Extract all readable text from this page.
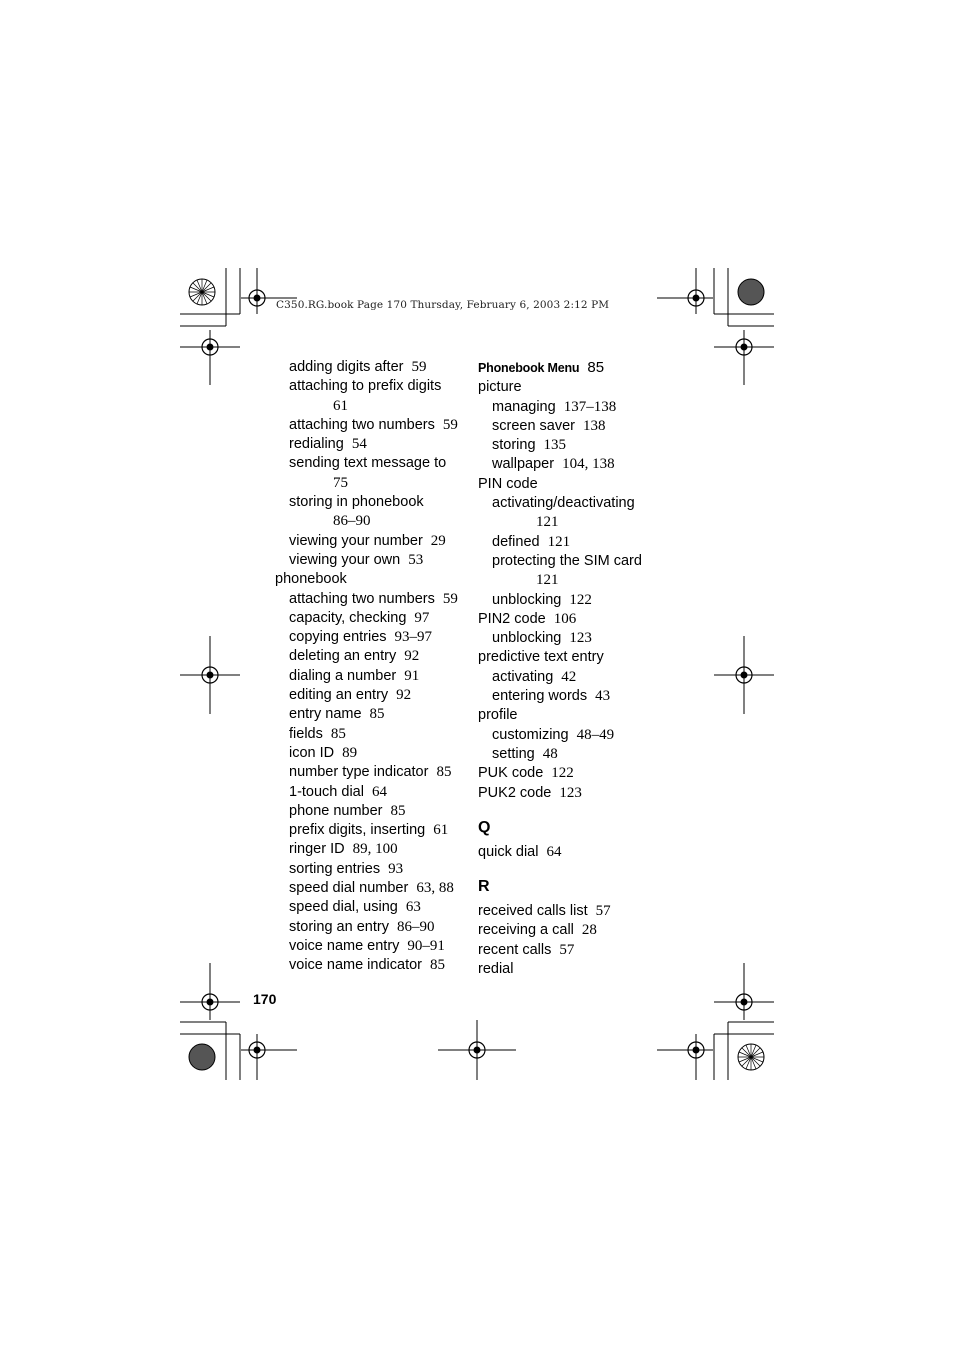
C350.RG.book Page 170 Thursday, February 6, 2003 2:12 PM
adding digits after 59
attaching to prefix digits
61
attaching two numbers 59
redialing 54
sending text message to
75
storing in phonebook
86–90
viewing your number 29
viewing your own 53
phonebook
attaching two numbers 59
capacity, checking 97
copying entries 93–97
deleting an entry 92
dialing a number 91
editing an entry 92
entry name 85
fields 85
icon ID 89
number type indicator 85
1-touch dial 64
phone number 85
prefix digits, inserting 61
ringer ID 89, 100
sorting entries 93
speed dial number 63, 88
speed dial, using 63
storing an entry 86–90
voice name entry 90–91
voice name indicator 85
Phonebook Menu 85
picture
managing 137–138
screen saver 138
storing 135
wallpaper 104, 138
PIN code
activating/deactivating
121
defined 121
protecting the SIM card
121
unblocking 122
PIN2 code 106
unblocking 123
predictive text entry
activating 42
entering words 43
profile
customizing 48–49
setting 48
PUK code 122
PUK2 code 123
Q
quick dial 64
R
received calls list 57
receiving a call 28
recent calls 57
redial
170
